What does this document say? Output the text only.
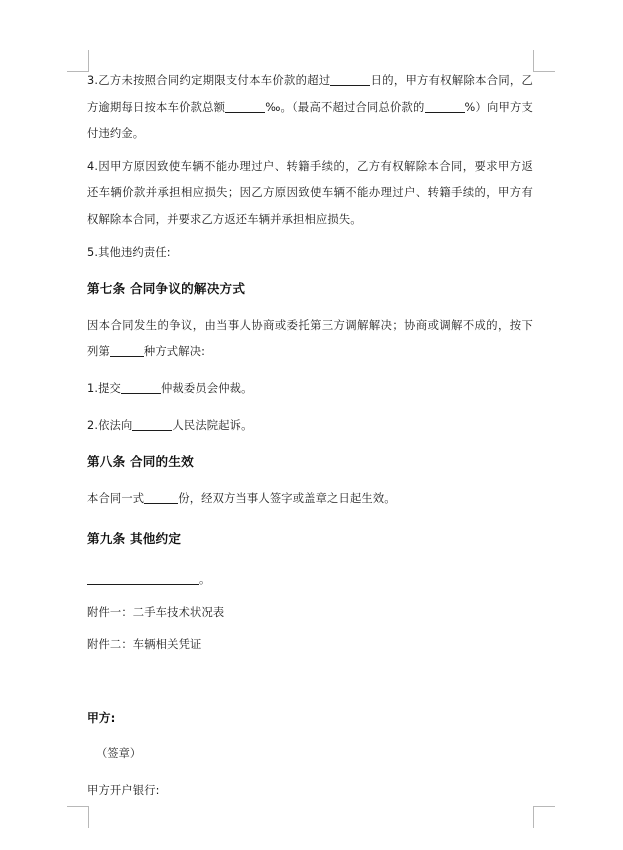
3.乙方未按照合同约定期限支付本车价款的超过	日的，甲方有权解除本合同，乙方逾期每日按本车价款总额	‰。（最高不超过合同总价款的	%）向甲方支付违约金。

4.因甲方原因致使车辆不能办理过户、转籍手续的，乙方有权解除本合同，要求甲方返还车辆价款并承担相应损失；因乙方原因致使车辆不能办理过户、转籍手续的，甲方有权解除本合同，并要求乙方返还车辆并承担相应损失。

5.其他违约责任:

第七条 合同争议的解决方式

因本合同发生的争议，由当事人协商或委托第三方调解解决；协商或调解不成的，按下列第	种方式解决:

1.提交	仲裁委员会仲裁。

2.依法向	人民法院起诉。

第八条 合同的生效

本合同一式	份，经双方当事人签字或盖章之日起生效。

第九条 其他约定

。

附件一：二手车技术状况表

附件二：车辆相关凭证

甲方:

（签章）

甲方开户银行:
